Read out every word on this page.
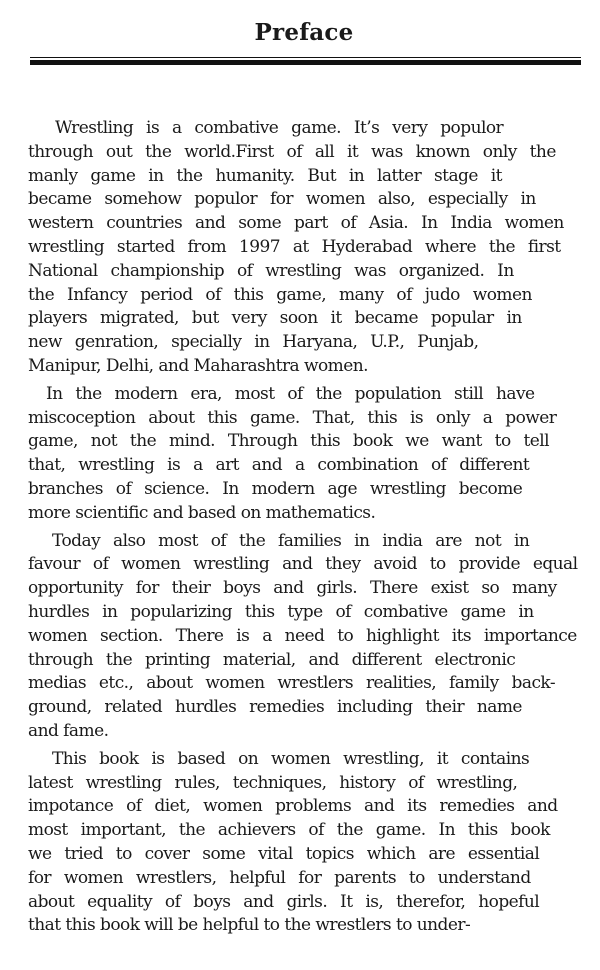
Preface

Wrestling is a combative game. It’s very populor
through out the world.First of all it was known only the
manly game in the humanity. But in latter stage it
became somehow populor for women also, especially in
western countries and some part of Asia. In India women
wrestling started from 1997 at Hyderabad where the first
National championship of wrestling was organized. In
the Infancy period of this game, many of judo women
players migrated, but very soon it became popular in
new genration, specially in Haryana, U.P., Punjab,
Manipur, Delhi, and Maharashtra women.

In the modern era, most of the population still have
miscoception about this game. That, this is only a power
game, not the mind. Through this book we want to tell
that, wrestling is a art and a combination of different
branches of science. In modern age wrestling become
more scientific and based on mathematics.

Today also most of the families in india are not in
favour of women wrestling and they avoid to provide equal
opportunity for their boys and girls. There exist so many
hurdles in popularizing this type of combative game in
women section. There is a need to highlight its importance
through the printing material, and different electronic
medias etc., about women wrestlers realities, family back-
ground, related hurdles remedies including their name
and fame.

This book is based on women wrestling, it contains
latest wrestling rules, techniques, history of wrestling,
impotance of diet, women problems and its remedies and
most important, the achievers of the game. In this book
we tried to cover some vital topics which are essential
for women wrestlers, helpful for parents to understand
about equality of boys and girls. It is, therefor, hopeful
that this book will be helpful to the wrestlers to under-
